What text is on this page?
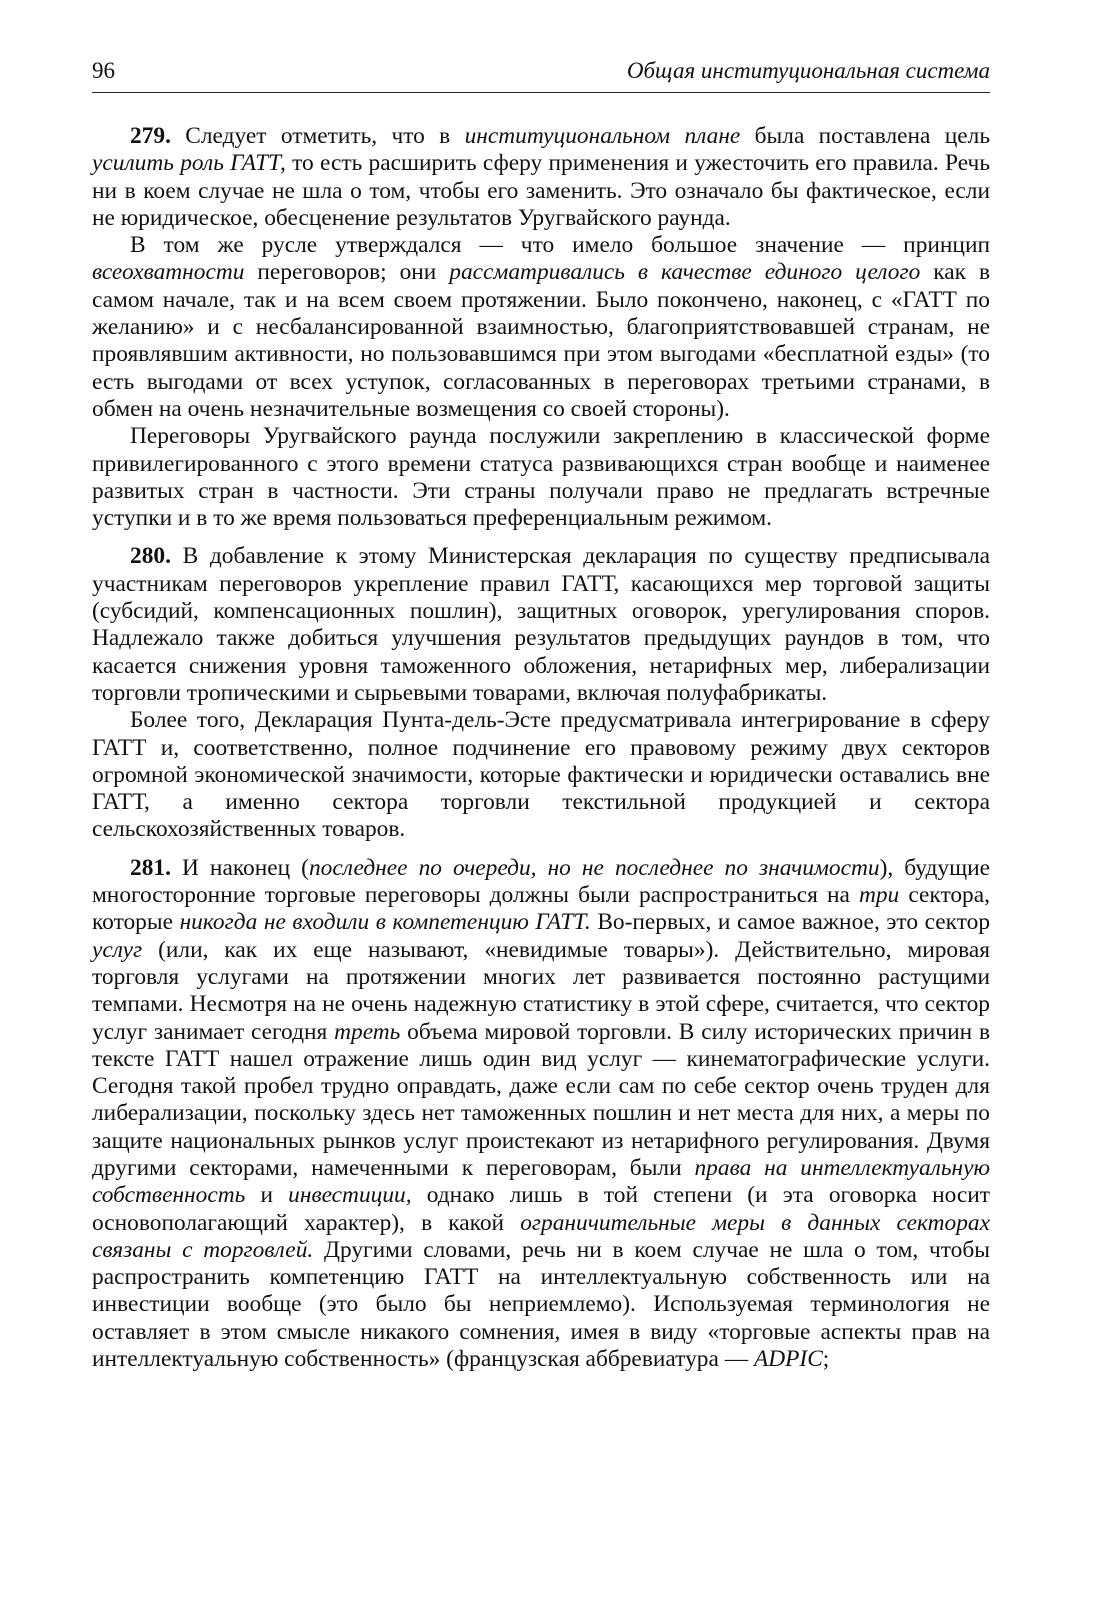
96	Общая институциональная система

279. Следует отметить, что в институциональном плане была поставлена цель усилить роль ГАТТ, то есть расширить сферу применения и ужесточить его правила. Речь ни в коем случае не шла о том, чтобы его заменить. Это означало бы фактическое, если не юридическое, обесценение результатов Уругвайского раунда.

В том же русле утверждался — что имело большое значение — принцип всеохватности переговоров; они рассматривались в качестве единого целого как в самом начале, так и на всем своем протяжении. Было покончено, наконец, с «ГАТТ по желанию» и с несбалансированной взаимностью, благоприятствовавшей странам, не проявлявшим активности, но пользовавшимся при этом выгодами «бесплатной езды» (то есть выгодами от всех уступок, согласованных в переговорах третьими странами, в обмен на очень незначительные возмещения со своей стороны).

Переговоры Уругвайского раунда послужили закреплению в классической форме привилегированного с этого времени статуса развивающихся стран вообще и наименее развитых стран в частности. Эти страны получали право не предлагать встречные уступки и в то же время пользоваться преференциальным режимом.

280. В добавление к этому Министерская декларация по существу предписывала участникам переговоров укрепление правил ГАТТ, касающихся мер торговой защиты (субсидий, компенсационных пошлин), защитных оговорок, урегулирования споров. Надлежало также добиться улучшения результатов предыдущих раундов в том, что касается снижения уровня таможенного обложения, нетарифных мер, либерализации торговли тропическими и сырьевыми товарами, включая полуфабрикаты.

Более того, Декларация Пунта-дель-Эсте предусматривала интегрирование в сферу ГАТТ и, соответственно, полное подчинение его правовому режиму двух секторов огромной экономической значимости, которые фактически и юридически оставались вне ГАТТ, а именно сектора торговли текстильной продукцией и сектора сельскохозяйственных товаров.

281. И наконец (последнее по очереди, но не последнее по значимости), будущие многосторонние торговые переговоры должны были распространиться на три сектора, которые никогда не входили в компетенцию ГАТТ. Во-первых, и самое важное, это сектор услуг (или, как их еще называют, «невидимые товары»). Действительно, мировая торговля услугами на протяжении многих лет развивается постоянно растущими темпами. Несмотря на не очень надежную статистику в этой сфере, считается, что сектор услуг занимает сегодня треть объема мировой торговли. В силу исторических причин в тексте ГАТТ нашел отражение лишь один вид услуг — кинематографические услуги. Сегодня такой пробел трудно оправдать, даже если сам по себе сектор очень труден для либерализации, поскольку здесь нет таможенных пошлин и нет места для них, а меры по защите национальных рынков услуг проистекают из нетарифного регулирования. Двумя другими секторами, намеченными к переговорам, были права на интеллектуальную собственность и инвестиции, однако лишь в той степени (и эта оговорка носит основополагающий характер), в какой ограничительные меры в данных секторах связаны с торговлей. Другими словами, речь ни в коем случае не шла о том, чтобы распространить компетенцию ГАТТ на интеллектуальную собственность или на инвестиции вообще (это было бы неприемлемо). Используемая терминология не оставляет в этом смысле никакого сомнения, имея в виду «торговые аспекты прав на интеллектуальную собственность» (французская аббревиатура — ADPIC;
